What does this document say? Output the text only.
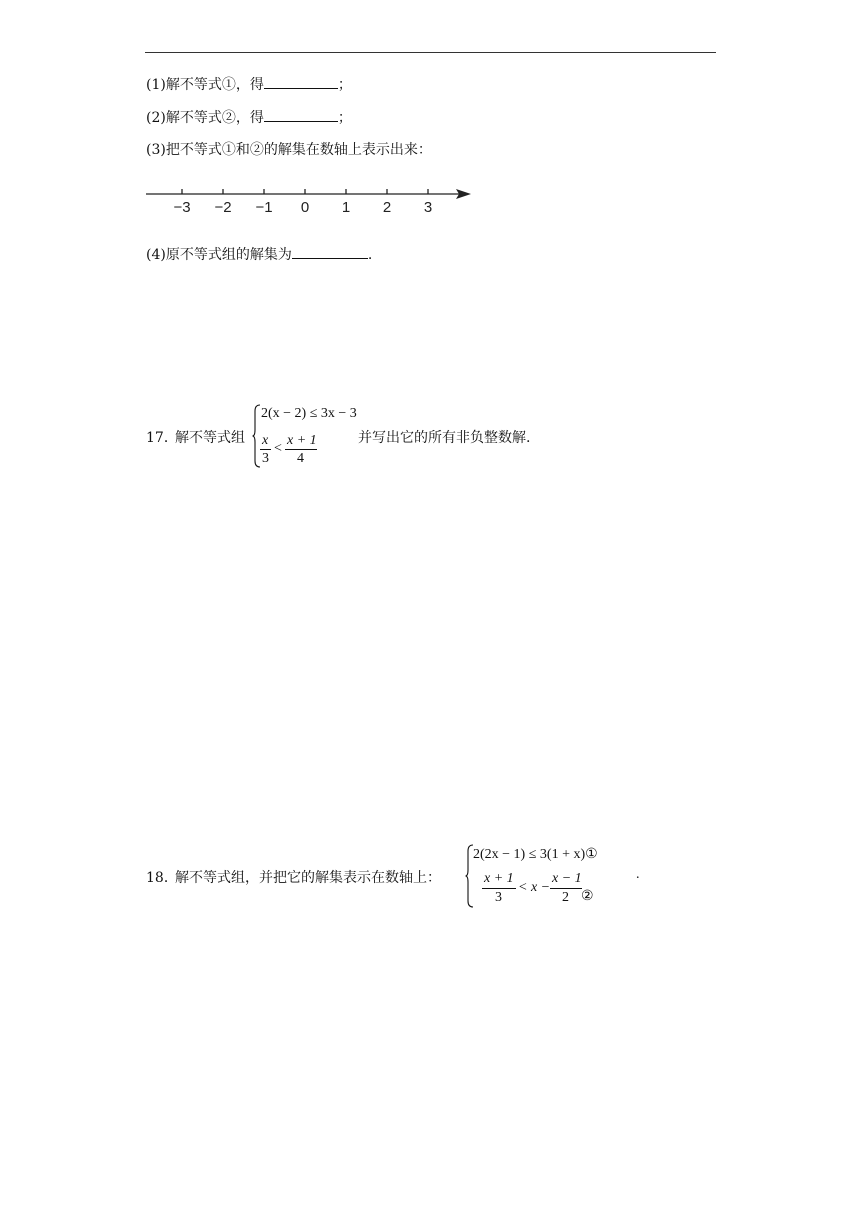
(1)解不等式①，得	；
(2)解不等式②，得	；
(3)把不等式①和②的解集在数轴上表示出来：
−3 −2 −1 0 1 2 3
(4)原不等式组的解集为	.
17．
解不等式组
2(x − 2) ≤ 3x − 3
x
3
<
x + 1
4
并写出它的所有非负整数解.
18．
解不等式组，并把它的解集表示在数轴上：
2(2x − 1) ≤ 3(1 + x)①
x + 1
3
< x −
x − 1
2 ②
.
